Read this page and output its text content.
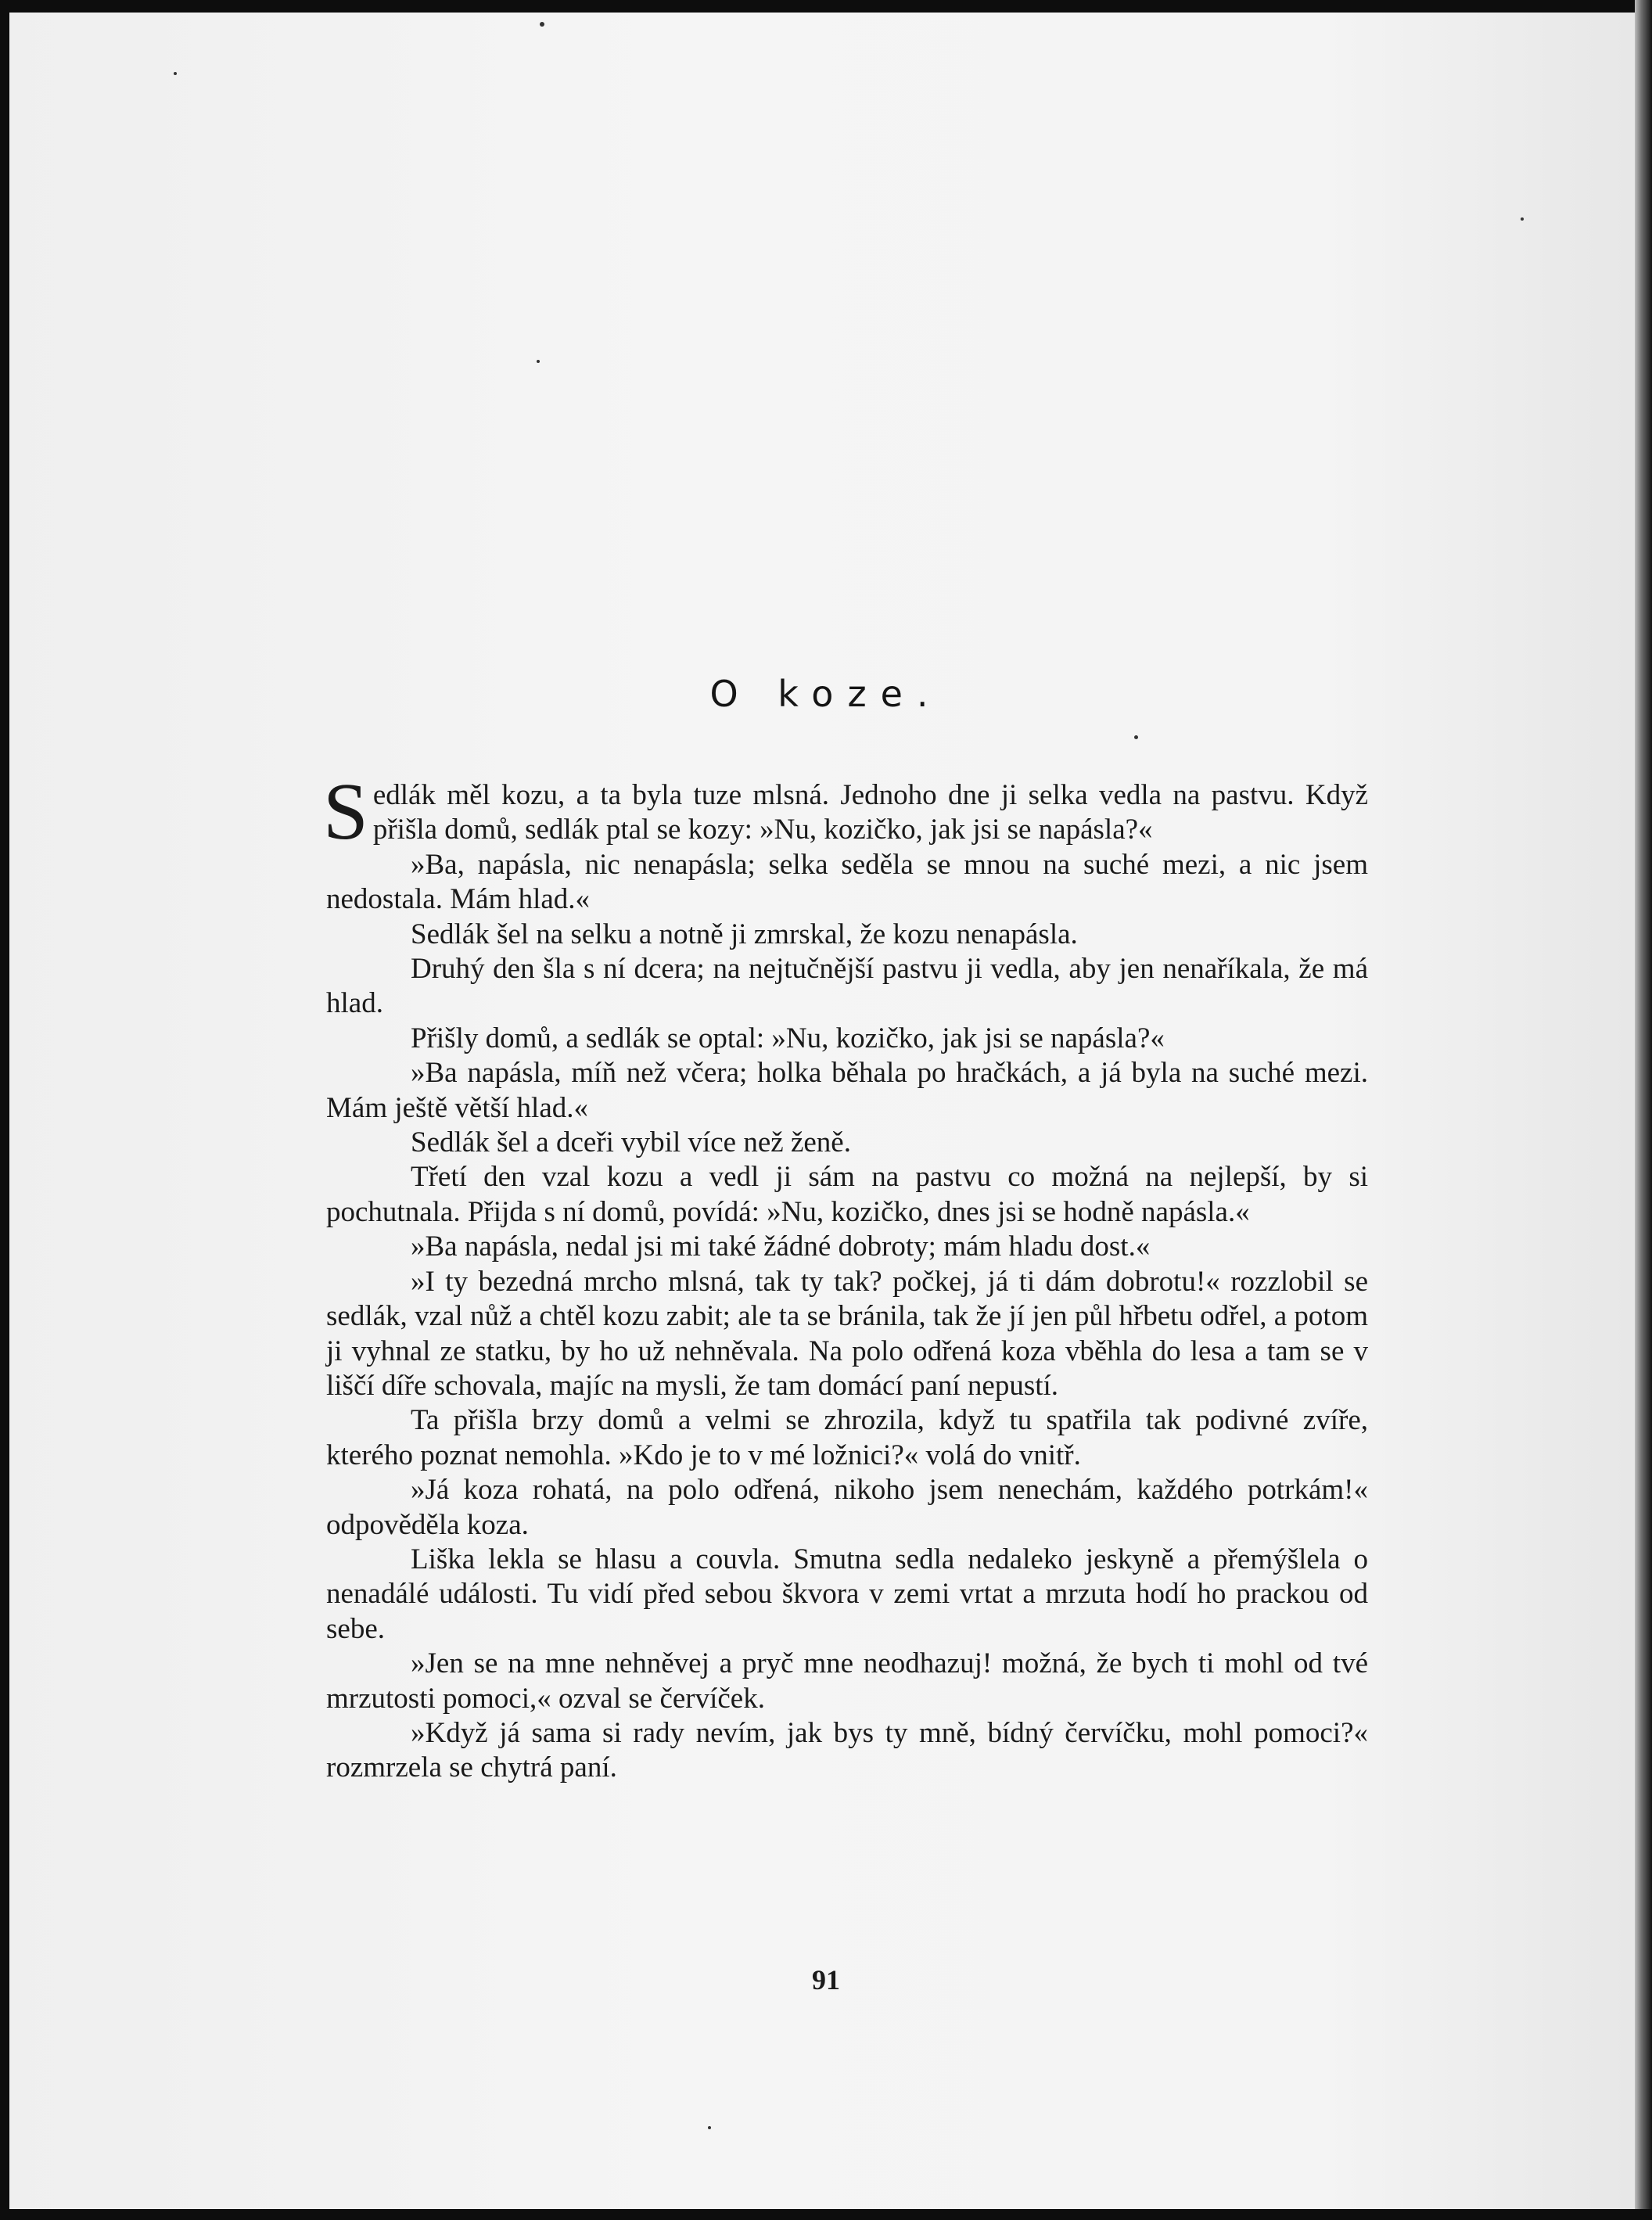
O koze.

Sedlák měl kozu, a ta byla tuze mlsná. Jednoho dne ji selka vedla na pastvu. Když přišla domů, sedlák ptal se kozy: »Nu, kozičko, jak jsi se napásla?«

»Ba, napásla, nic nenapásla; selka seděla se mnou na suché mezi, a nic jsem nedostala. Mám hlad.«

Sedlák šel na selku a notně ji zmrskal, že kozu nenapásla.

Druhý den šla s ní dcera; na nejtučnější pastvu ji vedla, aby jen nenaříkala, že má hlad.

Přišly domů, a sedlák se optal: »Nu, kozičko, jak jsi se napásla?«

»Ba napásla, míň než včera; holka běhala po hračkách, a já byla na suché mezi. Mám ještě větší hlad.«

Sedlák šel a dceři vybil více než ženě.

Třetí den vzal kozu a vedl ji sám na pastvu co možná na nejlepší, by si pochutnala. Přijda s ní domů, povídá: »Nu, kozičko, dnes jsi se hodně napásla.«

»Ba napásla, nedal jsi mi také žádné dobroty; mám hladu dost.«

»I ty bezedná mrcho mlsná, tak ty tak? počkej, já ti dám dobrotu!« rozzlobil se sedlák, vzal nůž a chtěl kozu zabit; ale ta se bránila, tak že jí jen půl hřbetu odřel, a potom ji vyhnal ze statku, by ho už nehněvala. Na polo odřená koza vběhla do lesa a tam se v liščí díře schovala, majíc na mysli, že tam domácí paní nepustí.

Ta přišla brzy domů a velmi se zhrozila, když tu spatřila tak podivné zvíře, kterého poznat nemohla. »Kdo je to v mé ložnici?« volá do vnitř.

»Já koza rohatá, na polo odřená, nikoho jsem nenechám, každého potrkám!« odpověděla koza.

Liška lekla se hlasu a couvla. Smutna sedla nedaleko jeskyně a přemýšlela o nenadálé události. Tu vidí před sebou škvora v zemi vrtat a mrzuta hodí ho prackou od sebe.

»Jen se na mne nehněvej a pryč mne neodhazuj! možná, že bych ti mohl od tvé mrzutosti pomoci,« ozval se červíček.

»Když já sama si rady nevím, jak bys ty mně, bídný červíčku, mohl pomoci?« rozmrzela se chytrá paní.

91
